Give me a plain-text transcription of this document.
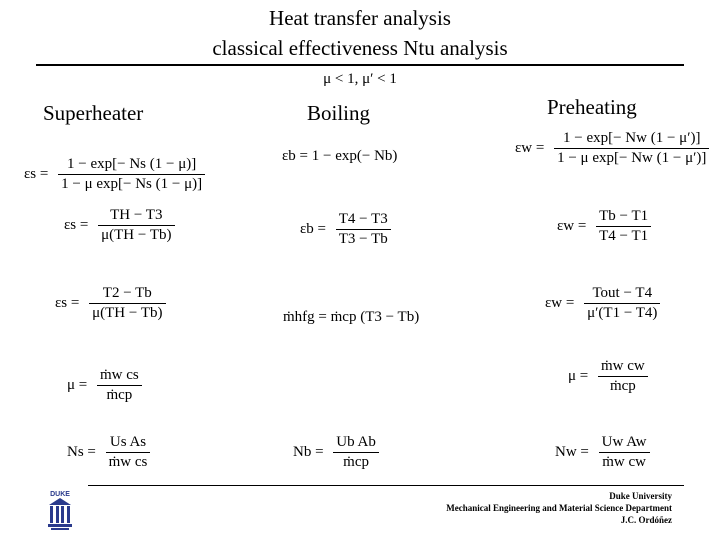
Heat transfer analysis
classical effectiveness Ntu analysis
μ < 1, μ′ < 1
Superheater	Boiling	Preheating
$\varepsilon s = \frac{1 - \exp[- Ns (1 - \mu)]}{\text{1 − μ exp[− Ns (1 − μ)]}}$
$\varepsilon s = \frac{TH - T3}{\mu(TH - Tb)}$
$\varepsilon s = \frac{T2 - Tb}{\mu(TH - Tb)}$
$\mu = \frac{\text{ṁw cs}}{\text{ṁcp}}$
$Ns = \frac{\text{Us As}}{\text{ṁw cs}}$
εb = 1 − exp(− Nb)
$\varepsilon b = \frac{T4 - T3}{T3 - Tb}$
ṁhfg = ṁcp (T3 − Tb)
$Nb = \frac{\text{Ub Ab}}{\text{ṁcp}}$
$\varepsilon w = \frac{1 - \exp[- Nw (1 - \mu')]}{\text{1 − μ exp[− Nw (1 − μ′)]}}$
$\varepsilon w = \frac{Tb - T1}{T4 - T1}$
$\varepsilon w = \frac{\text{Tout − T4}}{\mu'(T1 - T4)}$
$\mu = \frac{\text{ṁw cw}}{\text{ṁcp}}$
$Nw = \frac{\text{Uw Aw}}{\text{ṁw cw}}$
DUKE	Duke University
Mechanical Engineering and Material Science Department
J.C. Ordóñez
